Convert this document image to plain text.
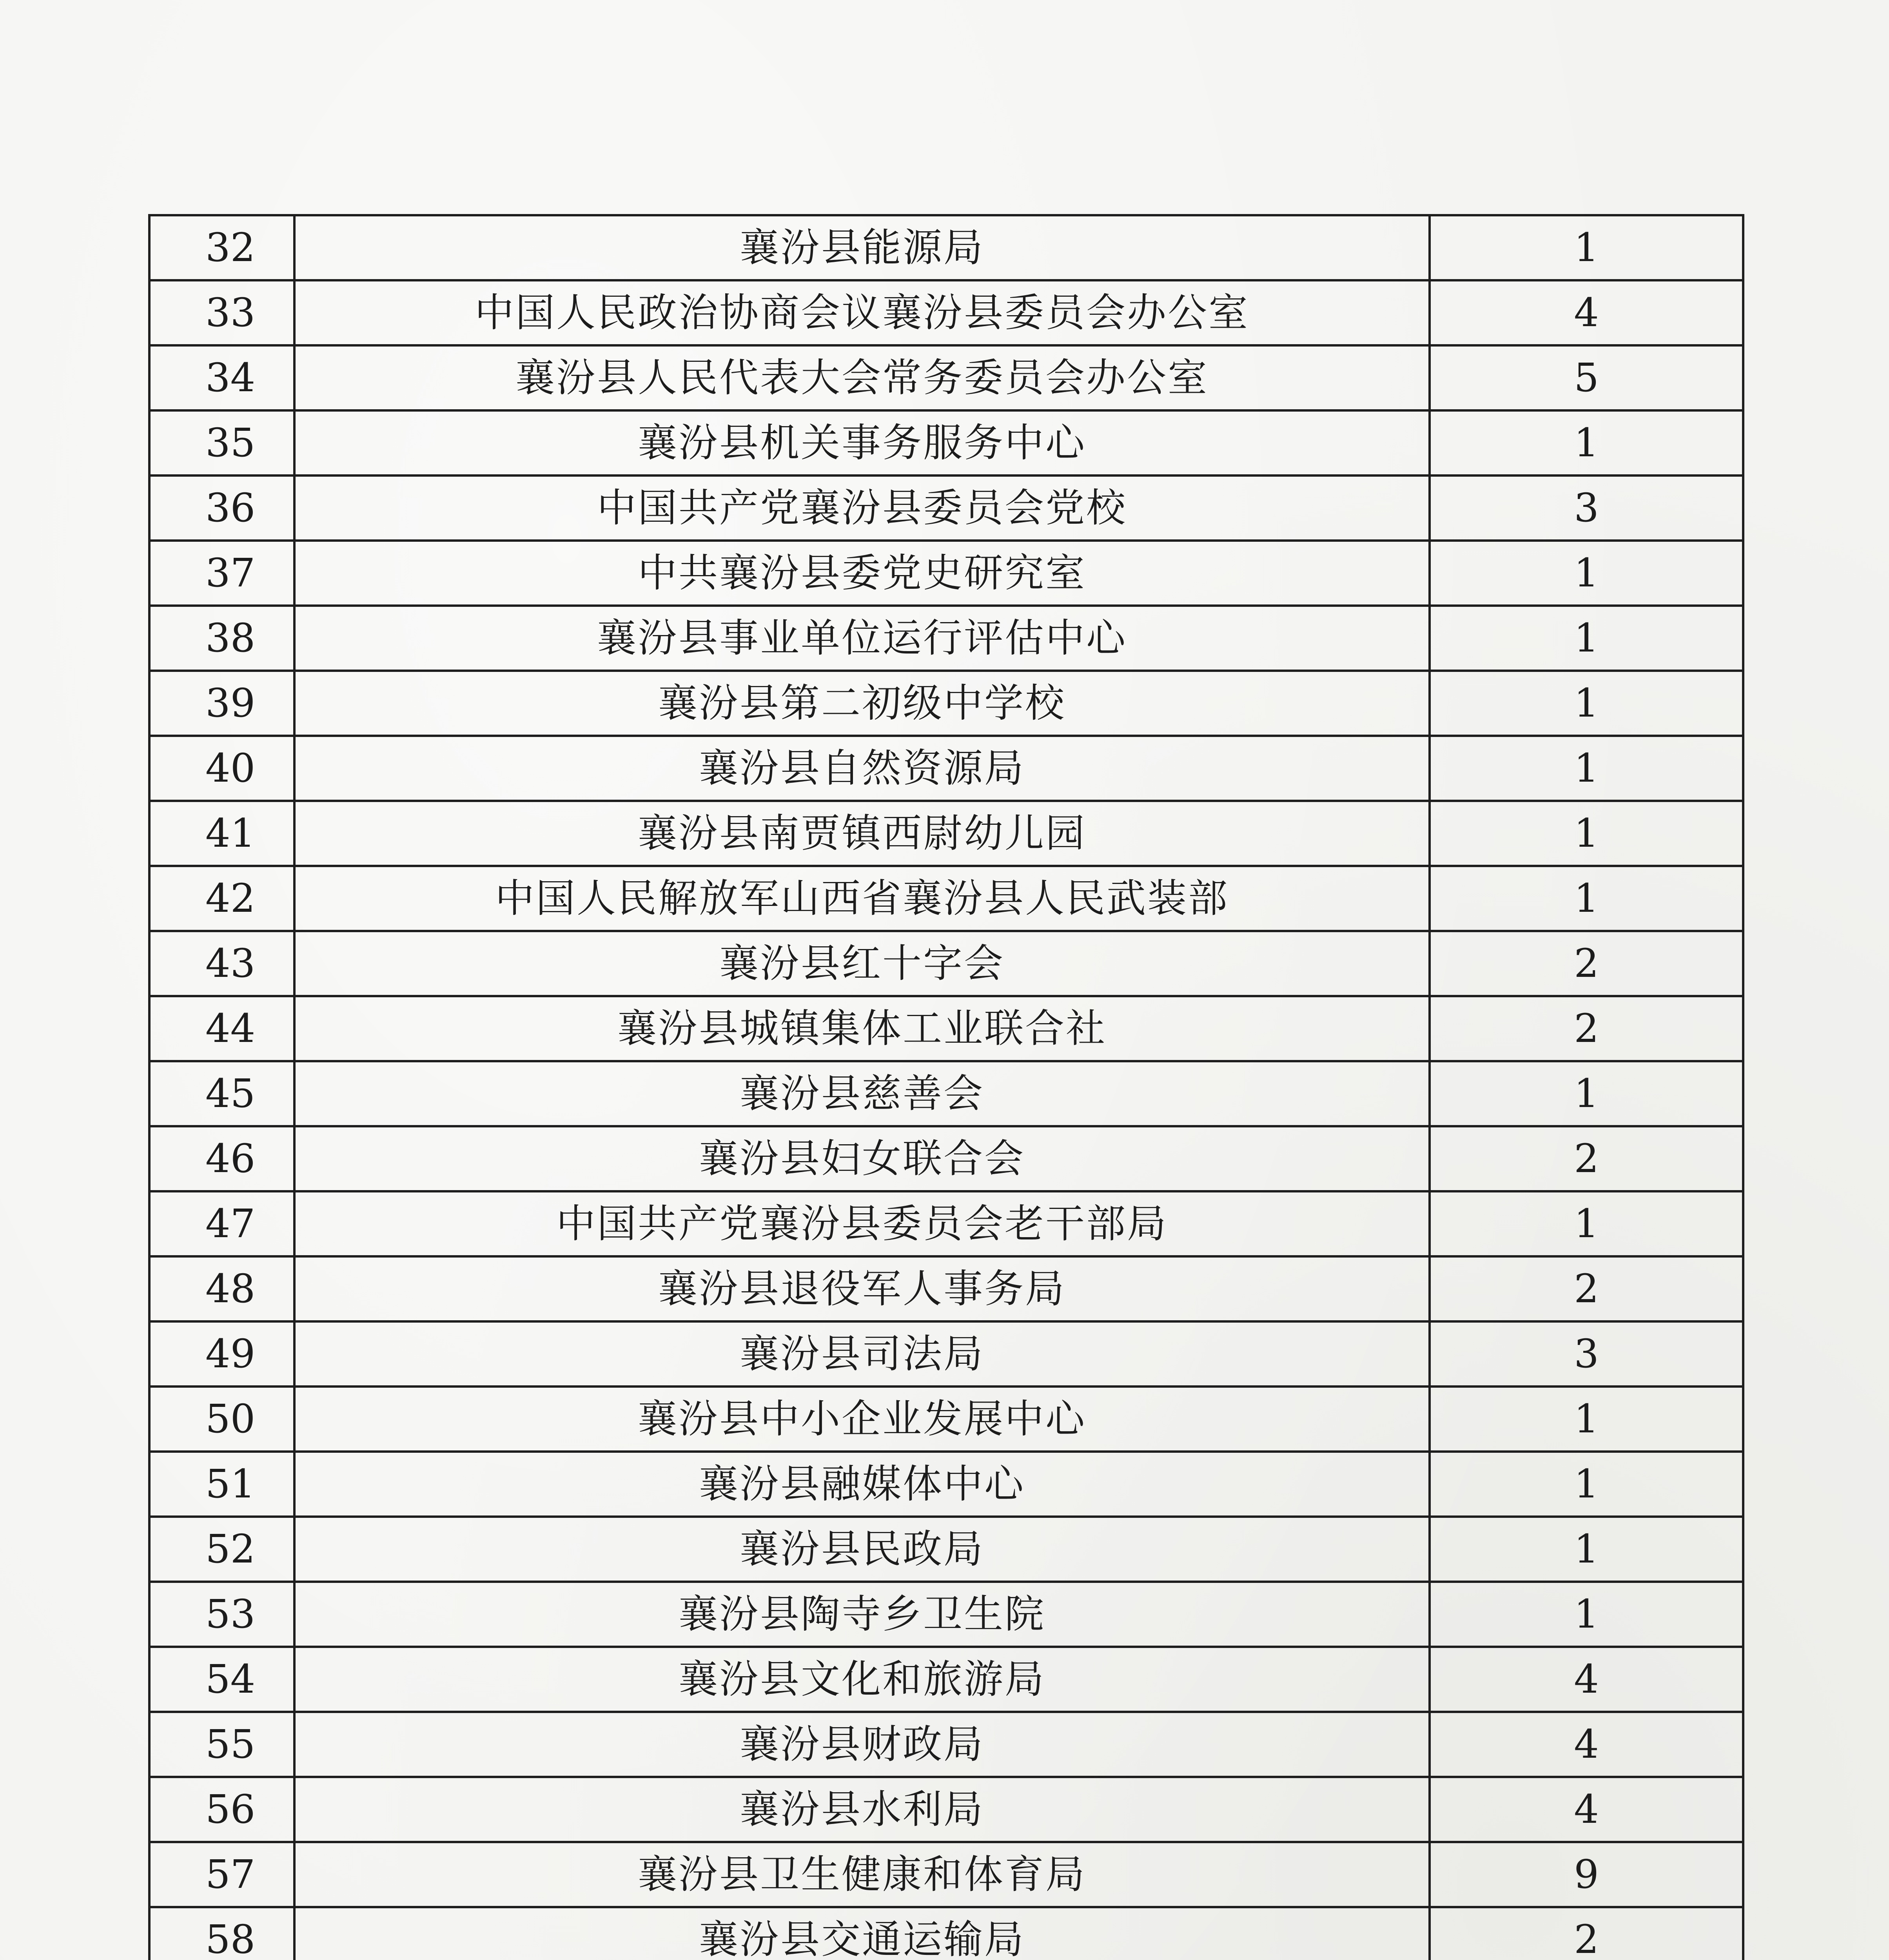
32	襄汾县能源局	1
33	中国人民政治协商会议襄汾县委员会办公室	4
34	襄汾县人民代表大会常务委员会办公室	5
35	襄汾县机关事务服务中心	1
36	中国共产党襄汾县委员会党校	3
37	中共襄汾县委党史研究室	1
38	襄汾县事业单位运行评估中心	1
39	襄汾县第二初级中学校	1
40	襄汾县自然资源局	1
41	襄汾县南贾镇西尉幼儿园	1
42	中国人民解放军山西省襄汾县人民武装部	1
43	襄汾县红十字会	2
44	襄汾县城镇集体工业联合社	2
45	襄汾县慈善会	1
46	襄汾县妇女联合会	2
47	中国共产党襄汾县委员会老干部局	1
48	襄汾县退役军人事务局	2
49	襄汾县司法局	3
50	襄汾县中小企业发展中心	1
51	襄汾县融媒体中心	1
52	襄汾县民政局	1
53	襄汾县陶寺乡卫生院	1
54	襄汾县文化和旅游局	4
55	襄汾县财政局	4
56	襄汾县水利局	4
57	襄汾县卫生健康和体育局	9
58	襄汾县交通运输局	2
